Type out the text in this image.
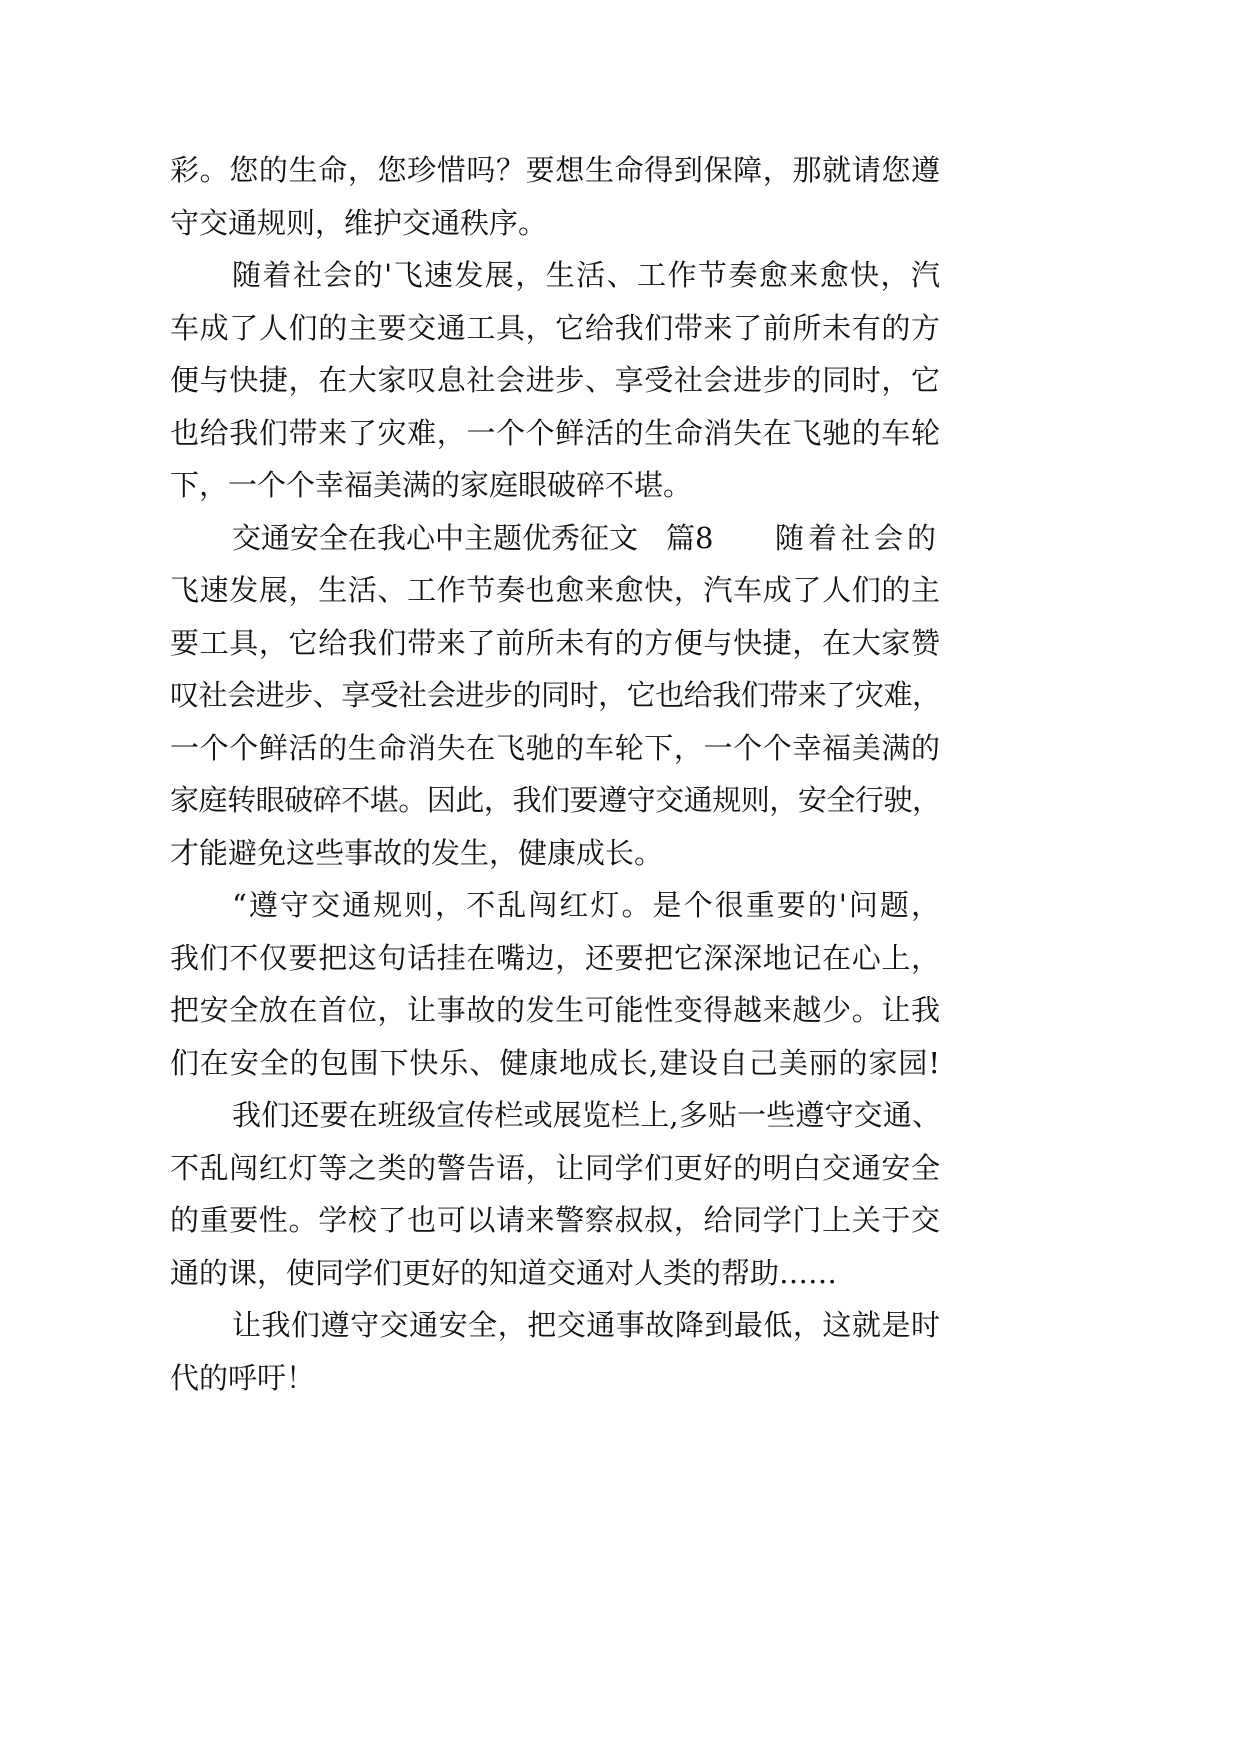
彩。您的生命，您珍惜吗？要想生命得到保障，那就请您遵
守交通规则，维护交通秩序。
随着社会的'飞速发展，生活、工作节奏愈来愈快，汽
车成了人们的主要交通工具，它给我们带来了前所未有的方
便与快捷，在大家叹息社会进步、享受社会进步的同时，它
也给我们带来了灾难，一个个鲜活的生命消失在飞驰的车轮
下，一个个幸福美满的家庭眼破碎不堪。
交通安全在我心中主题优秀征文 篇8 随着社会的
飞速发展，生活、工作节奏也愈来愈快，汽车成了人们的主
要工具，它给我们带来了前所未有的方便与快捷，在大家赞
叹社会进步、享受社会进步的同时，它也给我们带来了灾难，
一个个鲜活的生命消失在飞驰的车轮下，一个个幸福美满的
家庭转眼破碎不堪。因此，我们要遵守交通规则，安全行驶，
才能避免这些事故的发生，健康成长。
“遵守交通规则，不乱闯红灯。是个很重要的'问题，
我们不仅要把这句话挂在嘴边，还要把它深深地记在心上，
把安全放在首位，让事故的发生可能性变得越来越少。让我
们在安全的包围下快乐、健康地成长,建设自己美丽的家园!
我们还要在班级宣传栏或展览栏上,多贴一些遵守交通、
不乱闯红灯等之类的警告语，让同学们更好的明白交通安全
的重要性。学校了也可以请来警察叔叔，给同学门上关于交
通的课，使同学们更好的知道交通对人类的帮助……
让我们遵守交通安全，把交通事故降到最低，这就是时
代的呼吁！
